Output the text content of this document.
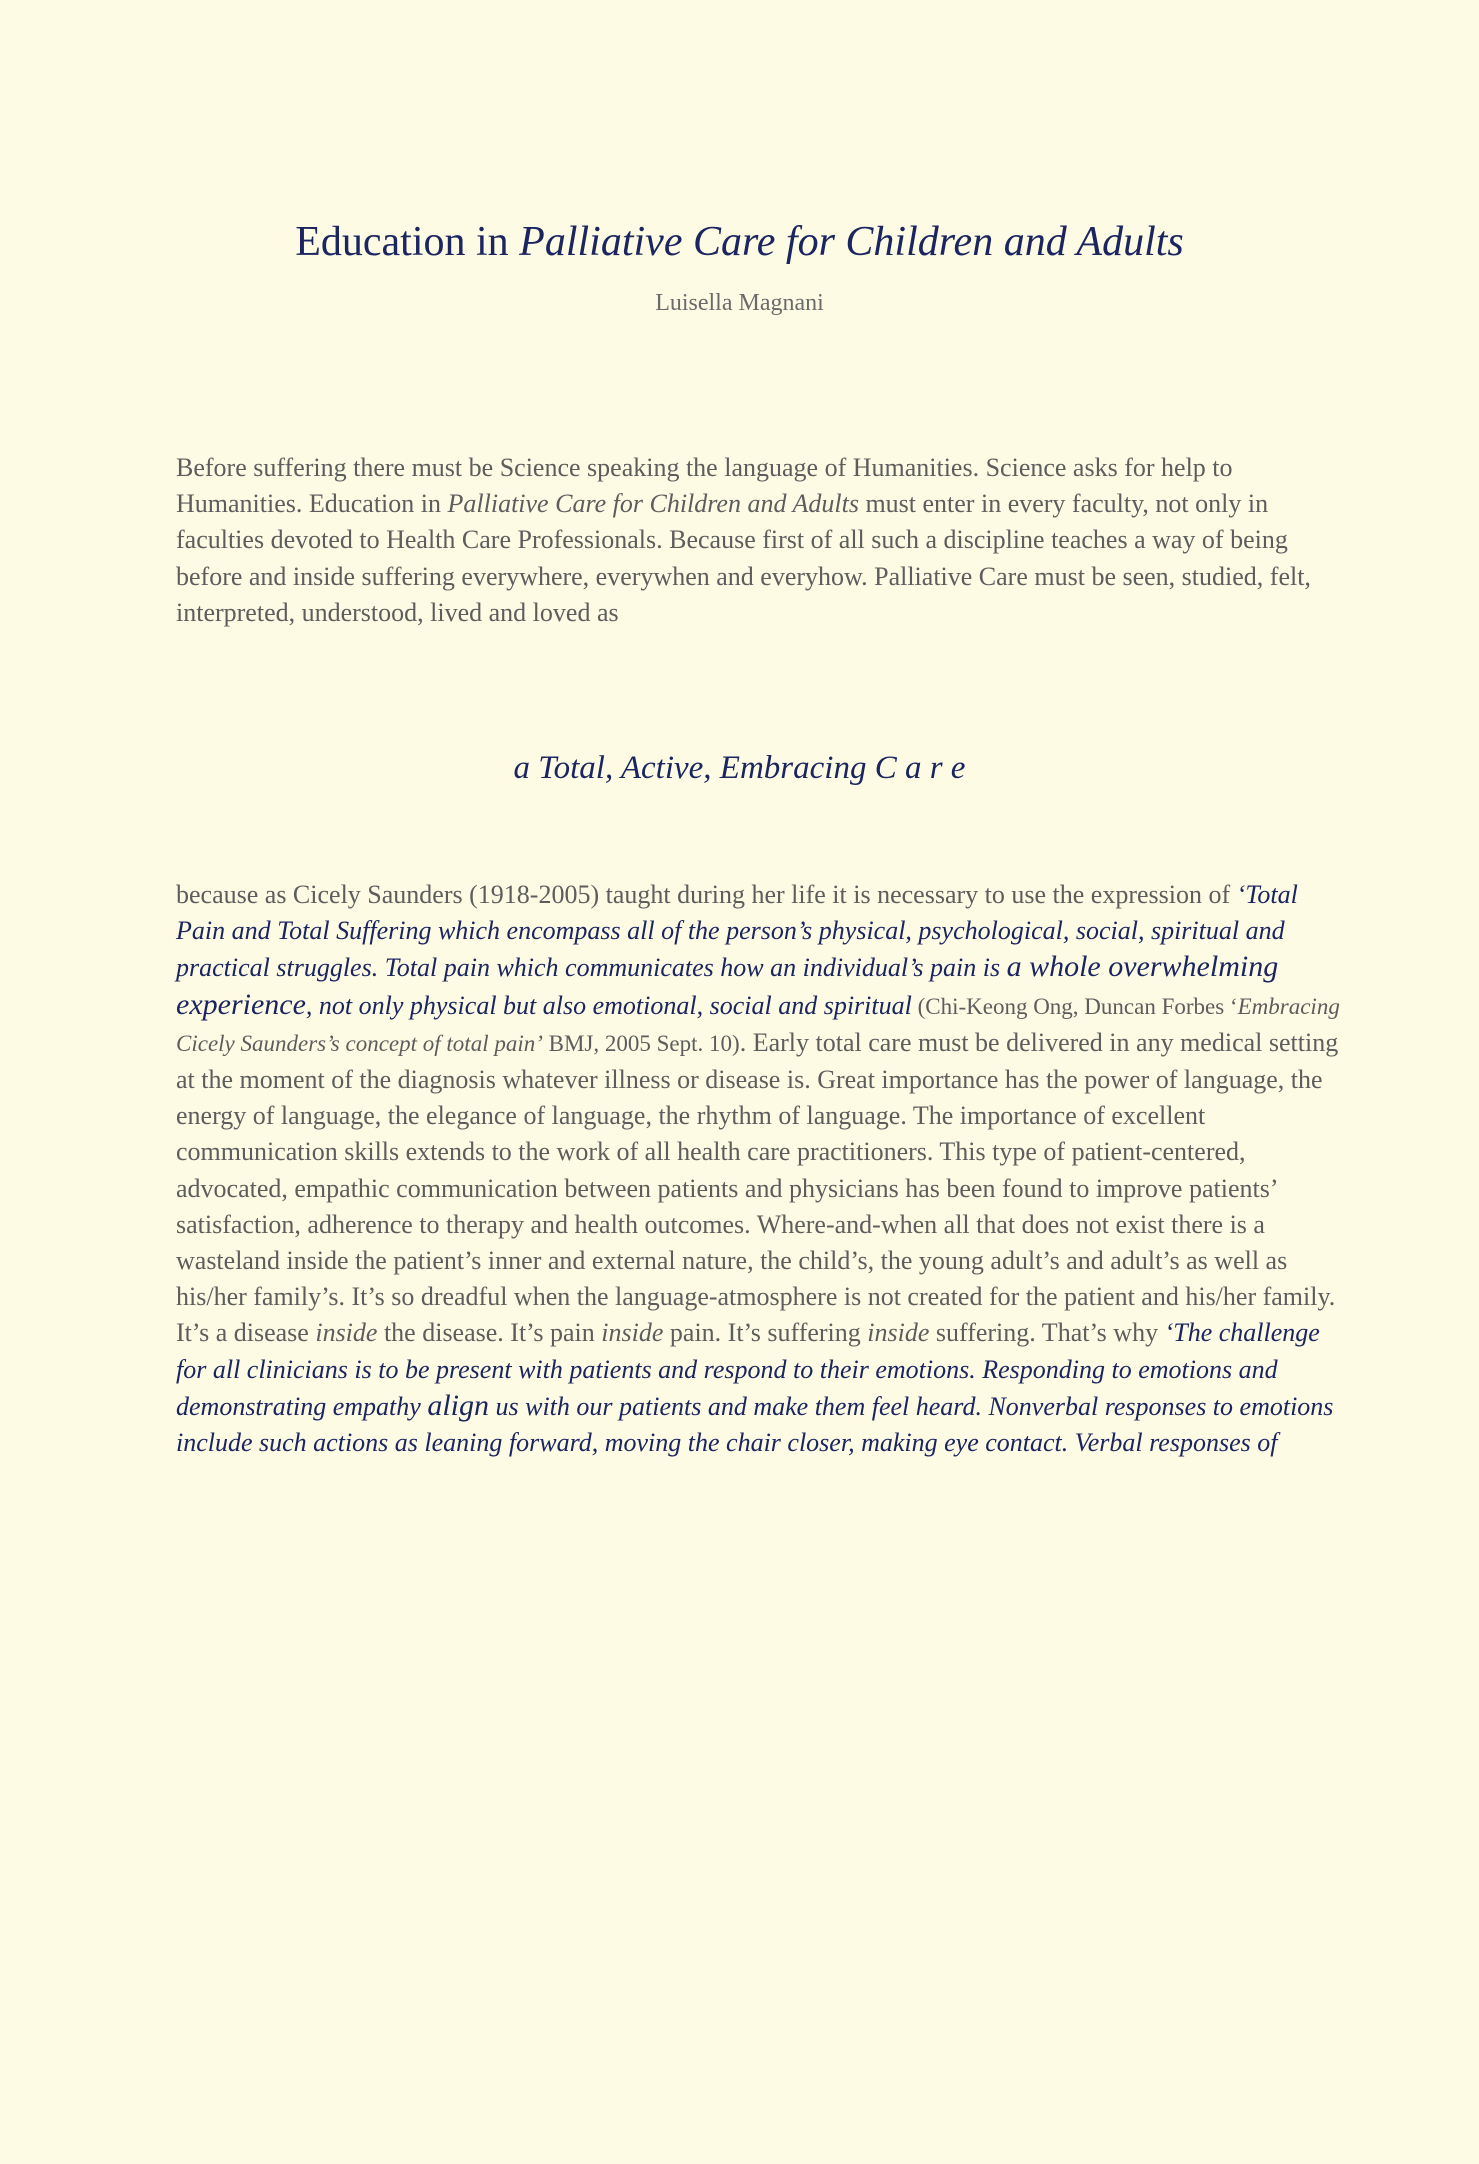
Education in Palliative Care for Children and Adults
Luisella Magnani

Before suffering there must be Science speaking the language of Humanities. Science asks for help to Humanities. Education in Palliative Care for Children and Adults must enter in every faculty, not only in faculties devoted to Health Care Professionals. Because first of all such a discipline teaches a way of being before and inside suffering everywhere, everywhen and everyhow. Palliative Care must be seen, studied, felt, interpreted, understood, lived and loved as

a Total, Active, Embracing C a r e

because as Cicely Saunders (1918-2005) taught during her life it is necessary to use the expression of ‘Total Pain and Total Suffering which encompass all of the person’s physical, psychological, social, spiritual and practical struggles. Total pain which communicates how an individual’s pain is a whole overwhelming experience, not only physical but also emotional, social and spiritual (Chi-Keong Ong, Duncan Forbes ‘Embracing Cicely Saunders’s concept of total pain’ BMJ, 2005 Sept. 10). Early total care must be delivered in any medical setting at the moment of the diagnosis whatever illness or disease is. Great importance has the power of language, the energy of language, the elegance of language, the rhythm of language. The importance of excellent communication skills extends to the work of all health care practitioners. This type of patient-centered, advocated, empathic communication between patients and physicians has been found to improve patients’ satisfaction, adherence to therapy and health outcomes. Where-and-when all that does not exist there is a wasteland inside the patient’s inner and external nature, the child’s, the young adult’s and adult’s as well as his/her family’s. It’s so dreadful when the language-atmosphere is not created for the patient and his/her family. It’s a disease inside the disease. It’s pain inside pain. It’s suffering inside suffering. That’s why ‘The challenge for all clinicians is to be present with patients and respond to their emotions. Responding to emotions and demonstrating empathy align us with our patients and make them feel heard. Nonverbal responses to emotions include such actions as leaning forward, moving the chair closer, making eye contact. Verbal responses of
